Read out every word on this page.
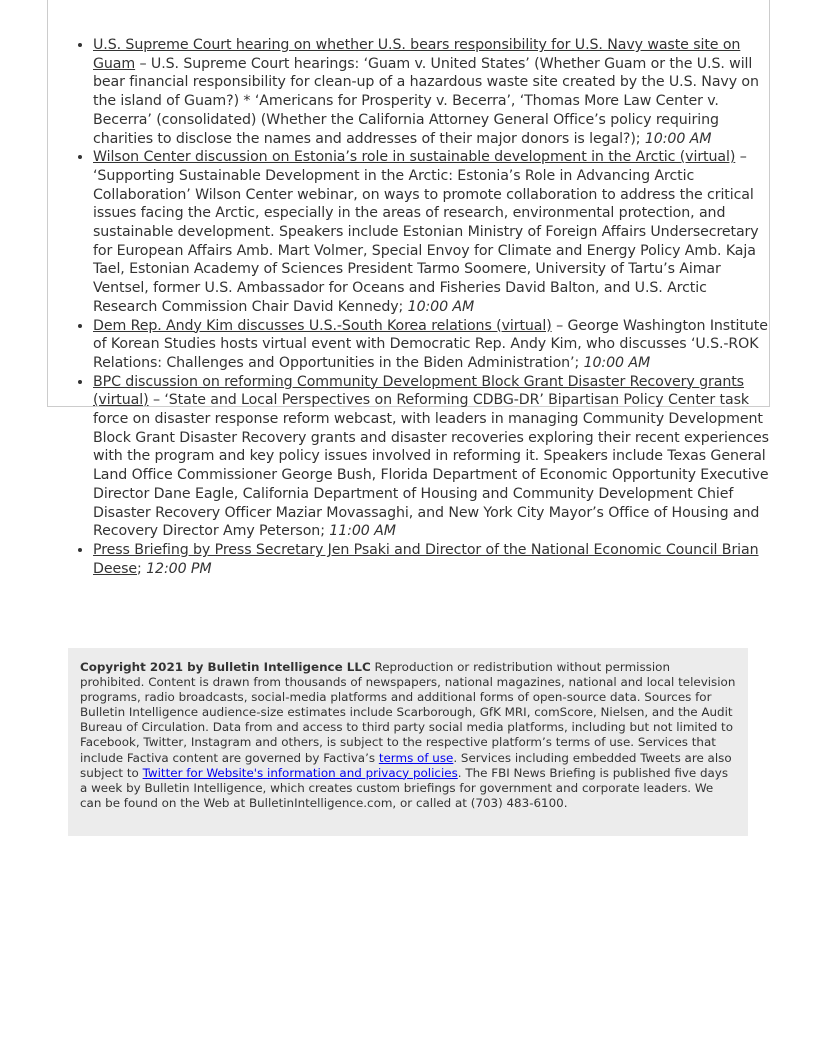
• U.S. Supreme Court hearing on whether U.S. bears responsibility for U.S. Navy waste site on Guam – U.S. Supreme Court hearings: ‘Guam v. United States’ (Whether Guam or the U.S. will bear financial responsibility for clean-up of a hazardous waste site created by the U.S. Navy on the island of Guam?) * ‘Americans for Prosperity v. Becerra’, ‘Thomas More Law Center v. Becerra’ (consolidated) (Whether the California Attorney General Office’s policy requiring charities to disclose the names and addresses of their major donors is legal?); 10:00 AM
• Wilson Center discussion on Estonia’s role in sustainable development in the Arctic (virtual) – ‘Supporting Sustainable Development in the Arctic: Estonia’s Role in Advancing Arctic Collaboration’ Wilson Center webinar, on ways to promote collaboration to address the critical issues facing the Arctic, especially in the areas of research, environmental protection, and sustainable development. Speakers include Estonian Ministry of Foreign Affairs Undersecretary for European Affairs Amb. Mart Volmer, Special Envoy for Climate and Energy Policy Amb. Kaja Tael, Estonian Academy of Sciences President Tarmo Soomere, University of Tartu’s Aimar Ventsel, former U.S. Ambassador for Oceans and Fisheries David Balton, and U.S. Arctic Research Commission Chair David Kennedy; 10:00 AM
• Dem Rep. Andy Kim discusses U.S.-South Korea relations (virtual) – George Washington Institute of Korean Studies hosts virtual event with Democratic Rep. Andy Kim, who discusses ‘U.S.-ROK Relations: Challenges and Opportunities in the Biden Administration’; 10:00 AM
• BPC discussion on reforming Community Development Block Grant Disaster Recovery grants (virtual) – ‘State and Local Perspectives on Reforming CDBG-DR’ Bipartisan Policy Center task force on disaster response reform webcast, with leaders in managing Community Development Block Grant Disaster Recovery grants and disaster recoveries exploring their recent experiences with the program and key policy issues involved in reforming it. Speakers include Texas General Land Office Commissioner George Bush, Florida Department of Economic Opportunity Executive Director Dane Eagle, California Department of Housing and Community Development Chief Disaster Recovery Officer Maziar Movassaghi, and New York City Mayor’s Office of Housing and Recovery Director Amy Peterson; 11:00 AM
• Press Briefing by Press Secretary Jen Psaki and Director of the National Economic Council Brian Deese; 12:00 PM
Copyright 2021 by Bulletin Intelligence LLC Reproduction or redistribution without permission prohibited. Content is drawn from thousands of newspapers, national magazines, national and local television programs, radio broadcasts, social-media platforms and additional forms of open-source data. Sources for Bulletin Intelligence audience-size estimates include Scarborough, GfK MRI, comScore, Nielsen, and the Audit Bureau of Circulation. Data from and access to third party social media platforms, including but not limited to Facebook, Twitter, Instagram and others, is subject to the respective platform’s terms of use. Services that include Factiva content are governed by Factiva’s terms of use. Services including embedded Tweets are also subject to Twitter for Website's information and privacy policies. The FBI News Briefing is published five days a week by Bulletin Intelligence, which creates custom briefings for government and corporate leaders. We can be found on the Web at BulletinIntelligence.com, or called at (703) 483-6100.
